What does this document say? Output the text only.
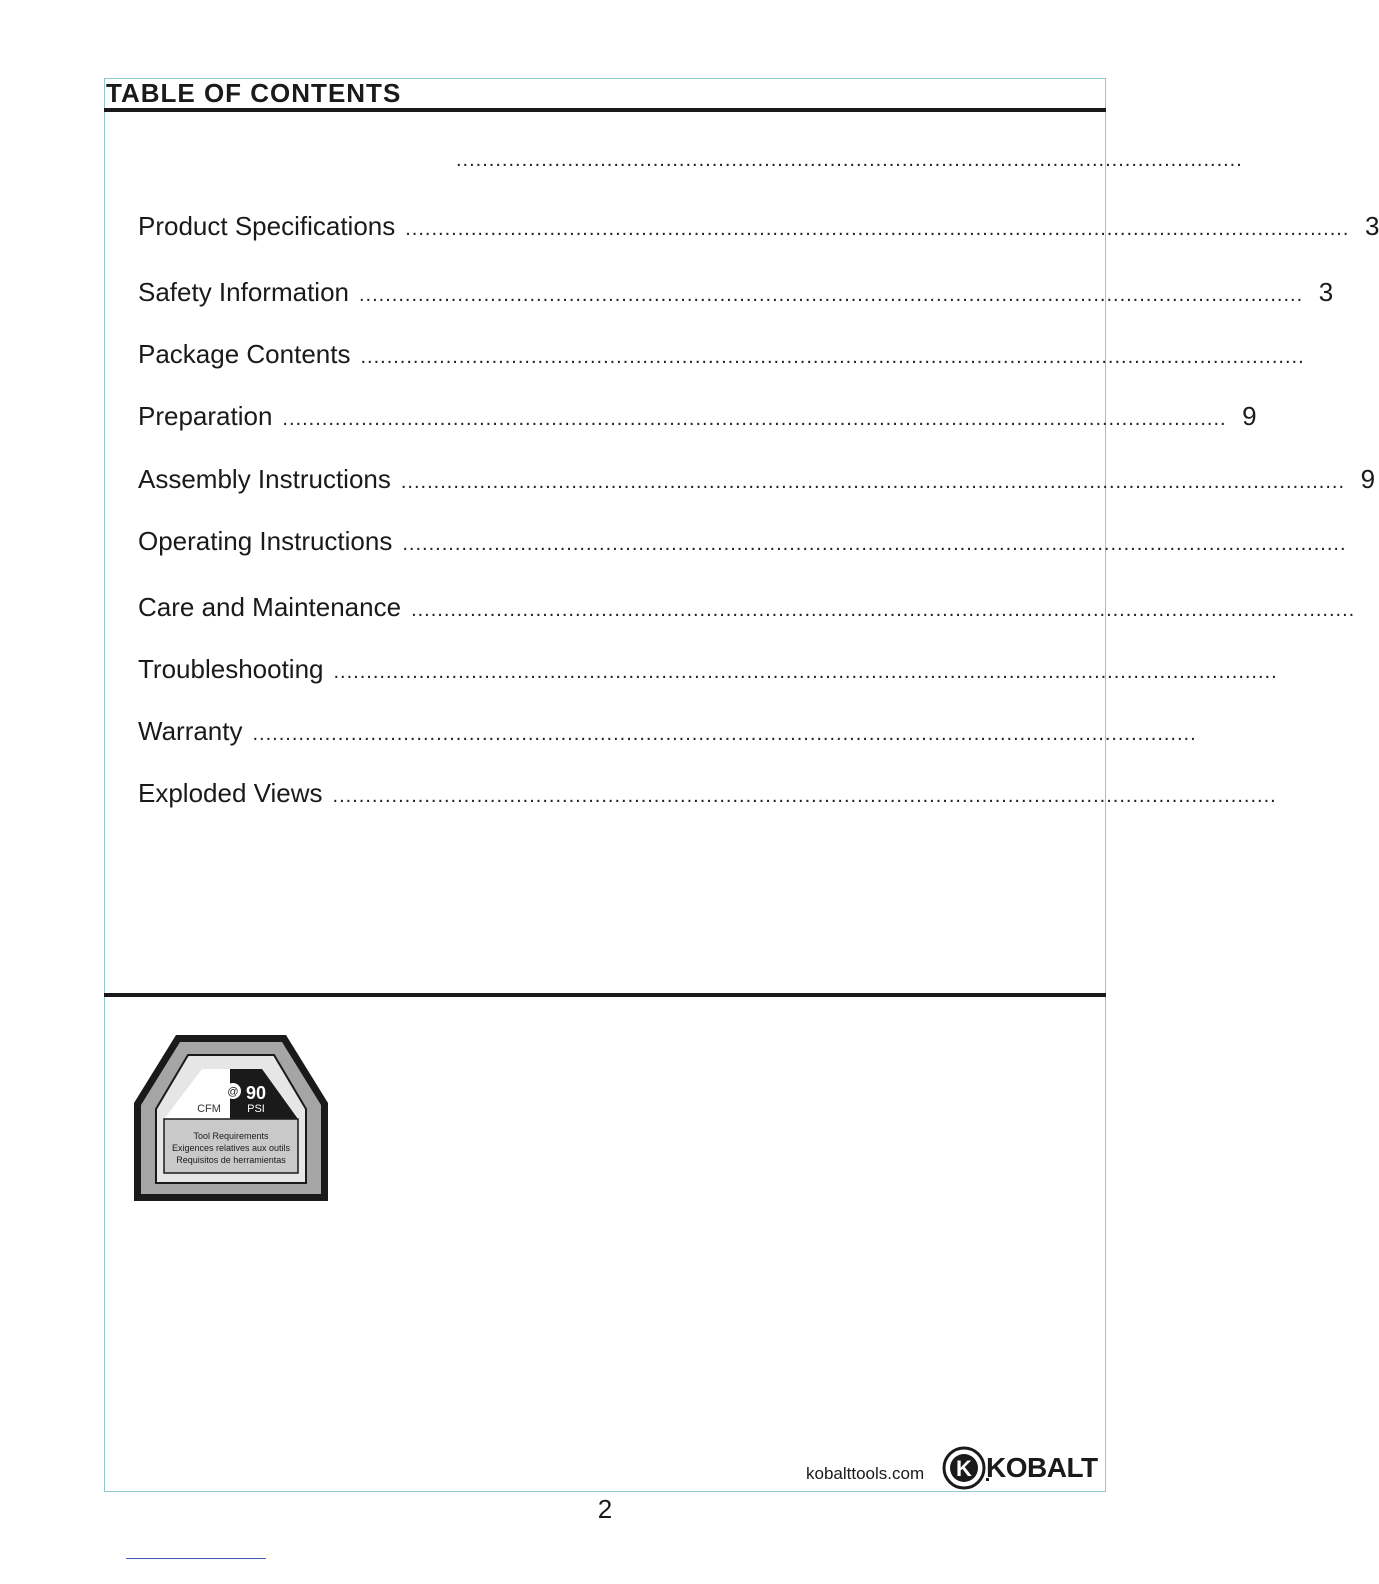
TABLE OF CONTENTS
........................................................................................................................
Product Specifications ................................................................................................................................................ 3
Safety Information ................................................................................................................................................ 3
Package Contents ................................................................................................................................................
Preparation ................................................................................................................................................ 9
Assembly Instructions ................................................................................................................................................ 9
Operating Instructions ................................................................................................................................................
Care and Maintenance ................................................................................................................................................
Troubleshooting ................................................................................................................................................
Warranty ................................................................................................................................................
Exploded Views ................................................................................................................................................
@ 90
CFM PSI
Tool Requirements
Exigences relatives aux outils
Requisitos de herramientas
kobalttools.com K KOBALT
2
